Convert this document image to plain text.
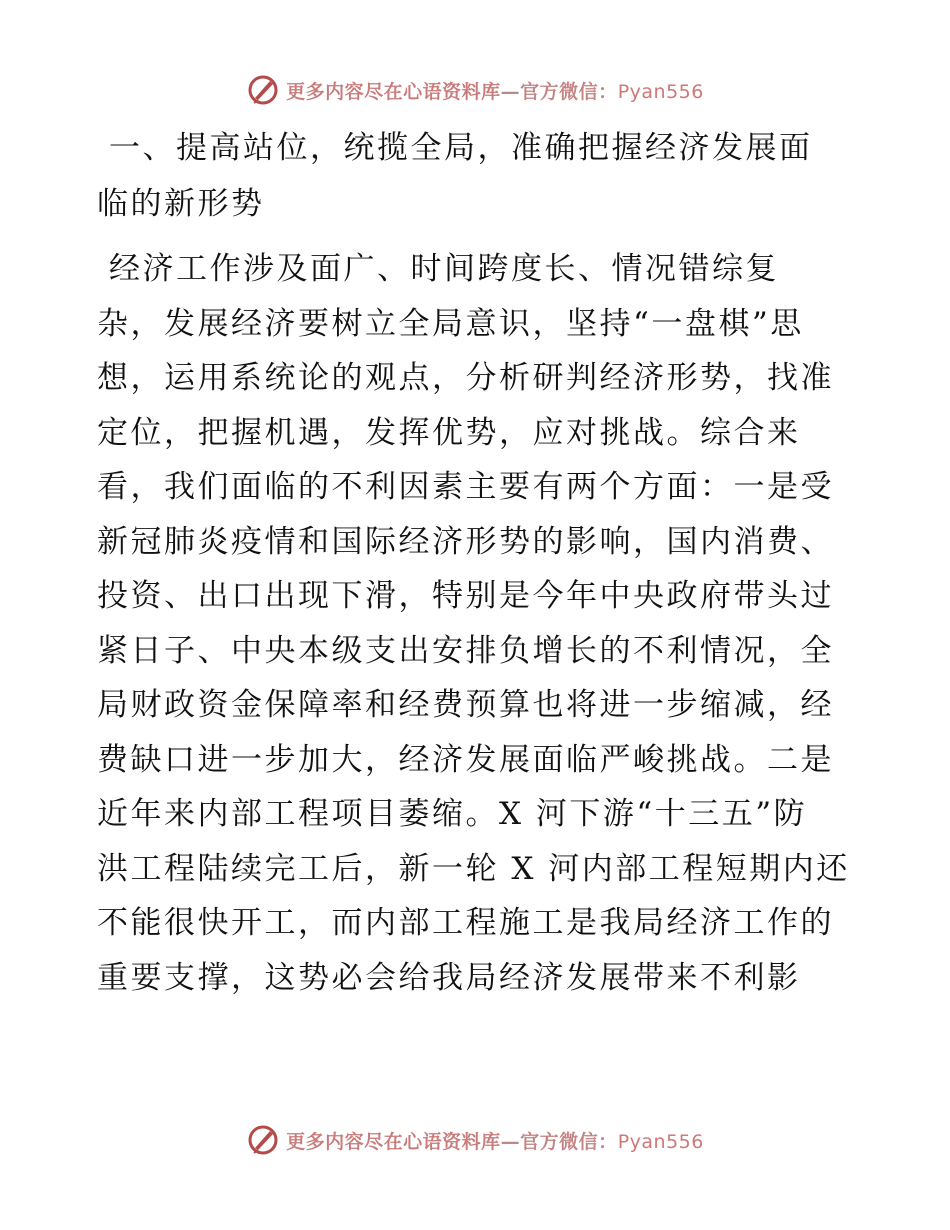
更多内容尽在心语资料库—官方微信：Pyan556
一、提高站位，统揽全局，准确把握经济发展面
临的新形势

经济工作涉及面广、时间跨度长、情况错综复
杂，发展经济要树立全局意识，坚持“一盘棋”思
想，运用系统论的观点，分析研判经济形势，找准
定位，把握机遇，发挥优势，应对挑战。综合来
看，我们面临的不利因素主要有两个方面：一是受
新冠肺炎疫情和国际经济形势的影响，国内消费、
投资、出口出现下滑，特别是今年中央政府带头过
紧日子、中央本级支出安排负增长的不利情况，全
局财政资金保障率和经费预算也将进一步缩减，经
费缺口进一步加大，经济发展面临严峻挑战。二是
近年来内部工程项目萎缩。X 河下游“十三五”防
洪工程陆续完工后，新一轮 X 河内部工程短期内还
不能很快开工，而内部工程施工是我局经济工作的
重要支撑，这势必会给我局经济发展带来不利影

更多内容尽在心语资料库—官方微信：Pyan556
